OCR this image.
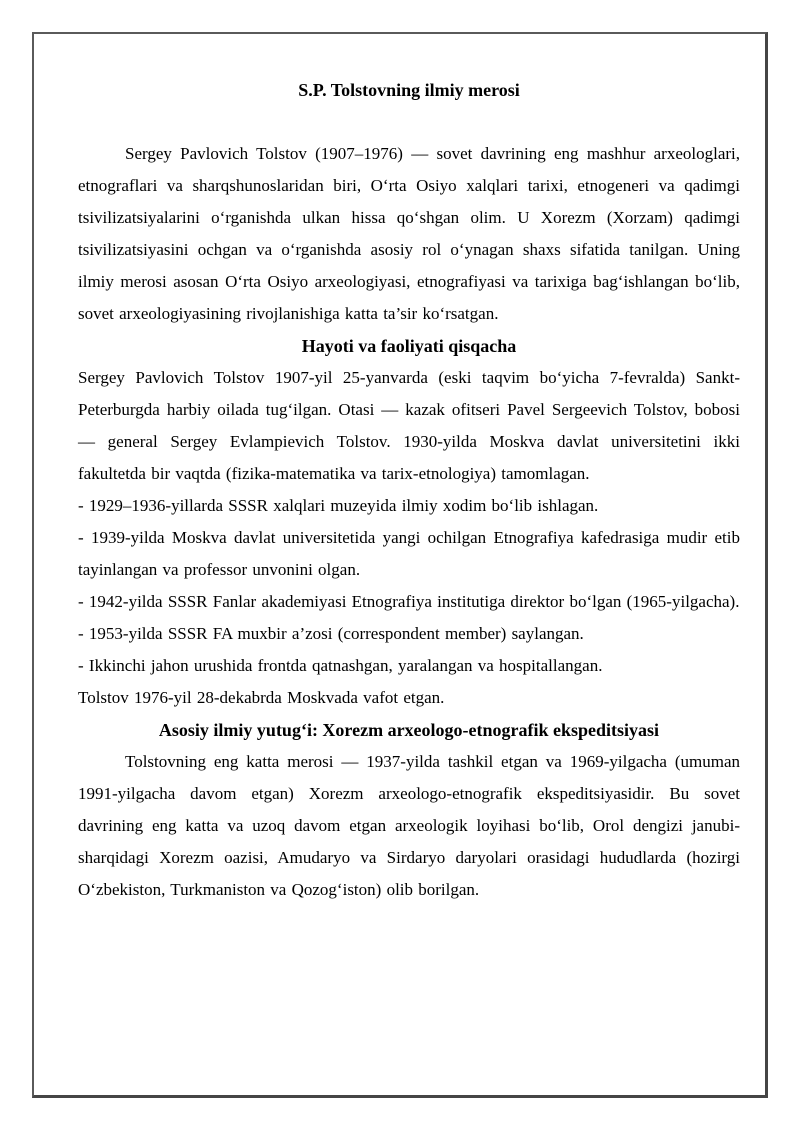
S.P. Tolstovning ilmiy merosi

Sergey Pavlovich Tolstov (1907–1976) — sovet davrining eng mashhur arxeologlari, etnograflari va sharqshunoslaridan biri, O‘rta Osiyo xalqlari tarixi, etnogeneri va qadimgi tsivilizatsiyalarini o‘rganishda ulkan hissa qo‘shgan olim. U Xorezm (Xorzam) qadimgi tsivilizatsiyasini ochgan va o‘rganishda asosiy rol o‘ynagan shaxs sifatida tanilgan. Uning ilmiy merosi asosan O‘rta Osiyo arxeologiyasi, etnografiyasi va tarixiga bag‘ishlangan bo‘lib, sovet arxeologiyasining rivojlanishiga katta ta’sir ko‘rsatgan.

Hayoti va faoliyati qisqacha

Sergey Pavlovich Tolstov 1907-yil 25-yanvarda (eski taqvim bo‘yicha 7-fevralda) Sankt-Peterburgda harbiy oilada tug‘ilgan. Otasi — kazak ofitseri Pavel Sergeevich Tolstov, bobosi — general Sergey Evlampievich Tolstov. 1930-yilda Moskva davlat universitetini ikki fakultetda bir vaqtda (fizika-matematika va tarix-etnologiya) tamomlagan.

- 1929–1936-yillarda SSSR xalqlari muzeyida ilmiy xodim bo‘lib ishlagan.

- 1939-yilda Moskva davlat universitetida yangi ochilgan Etnografiya kafedrasiga mudir etib tayinlangan va professor unvonini olgan.

- 1942-yilda SSSR Fanlar akademiyasi Etnografiya institutiga direktor bo‘lgan (1965-yilgacha).

- 1953-yilda SSSR FA muxbir a’zosi (correspondent member) saylangan.

- Ikkinchi jahon urushida frontda qatnashgan, yaralangan va hospitallangan.

Tolstov 1976-yil 28-dekabrda Moskvada vafot etgan.

Asosiy ilmiy yutug‘i: Xorezm arxeologo-etnografik ekspeditsiyasi

Tolstovning eng katta merosi — 1937-yilda tashkil etgan va 1969-yilgacha (umuman 1991-yilgacha davom etgan) Xorezm arxeologo-etnografik ekspeditsiyasidir. Bu sovet davrining eng katta va uzoq davom etgan arxeologik loyihasi bo‘lib, Orol dengizi janubi-sharqidagi Xorezm oazisi, Amudaryo va Sirdaryo daryolari orasidagi hududlarda (hozirgi O‘zbekiston, Turkmaniston va Qozog‘iston) olib borilgan.
